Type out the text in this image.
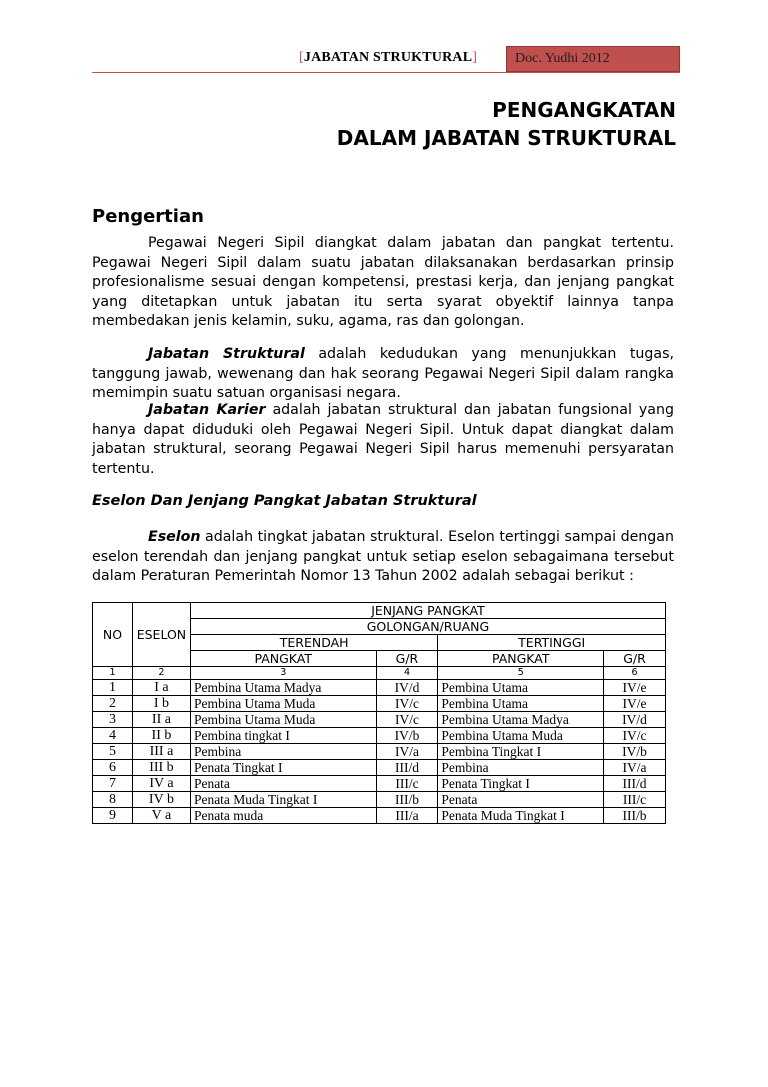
[JABATAN STRUKTURAL]	Doc. Yudhi 2012
PENGANGKATAN
DALAM JABATAN STRUKTURAL
Pengertian
Pegawai Negeri Sipil diangkat dalam jabatan dan pangkat tertentu. Pegawai Negeri Sipil dalam suatu jabatan dilaksanakan berdasarkan prinsip profesionalisme sesuai dengan kompetensi, prestasi kerja, dan jenjang pangkat yang ditetapkan untuk jabatan itu serta syarat obyektif lainnya tanpa membedakan jenis kelamin, suku, agama, ras dan golongan.
Jabatan Struktural adalah kedudukan yang menunjukkan tugas, tanggung jawab, wewenang dan hak seorang Pegawai Negeri Sipil dalam rangka memimpin suatu satuan organisasi negara.
Jabatan Karier adalah jabatan struktural dan jabatan fungsional yang hanya dapat diduduki oleh Pegawai Negeri Sipil. Untuk dapat diangkat dalam jabatan struktural, seorang Pegawai Negeri Sipil harus memenuhi persyaratan tertentu.
Eselon Dan Jenjang Pangkat Jabatan Struktural
Eselon adalah tingkat jabatan struktural. Eselon tertinggi sampai dengan eselon terendah dan jenjang pangkat untuk setiap eselon sebagaimana tersebut dalam Peraturan Pemerintah Nomor 13 Tahun 2002 adalah sebagai berikut :
NO	ESELON	JENJANG PANGKAT			
		GOLONGAN/RUANG			
		TERENDAH		TERTINGGI	
		PANGKAT	G/R	PANGKAT	G/R
1	2	3	4	5	6
1	I a	Pembina Utama Madya	IV/d	Pembina Utama	IV/e
2	I b	Pembina Utama Muda	IV/c	Pembina Utama	IV/e
3	II a	Pembina Utama Muda	IV/c	Pembina Utama Madya	IV/d
4	II b	Pembina tingkat I	IV/b	Pembina Utama Muda	IV/c
5	III a	Pembina	IV/a	Pembina Tingkat I	IV/b
6	III b	Penata Tingkat I	III/d	Pembina	IV/a
7	IV a	Penata	III/c	Penata Tingkat I	III/d
8	IV b	Penata Muda Tingkat I	III/b	Penata	III/c
9	V a	Penata muda	III/a	Penata Muda Tingkat I	III/b
